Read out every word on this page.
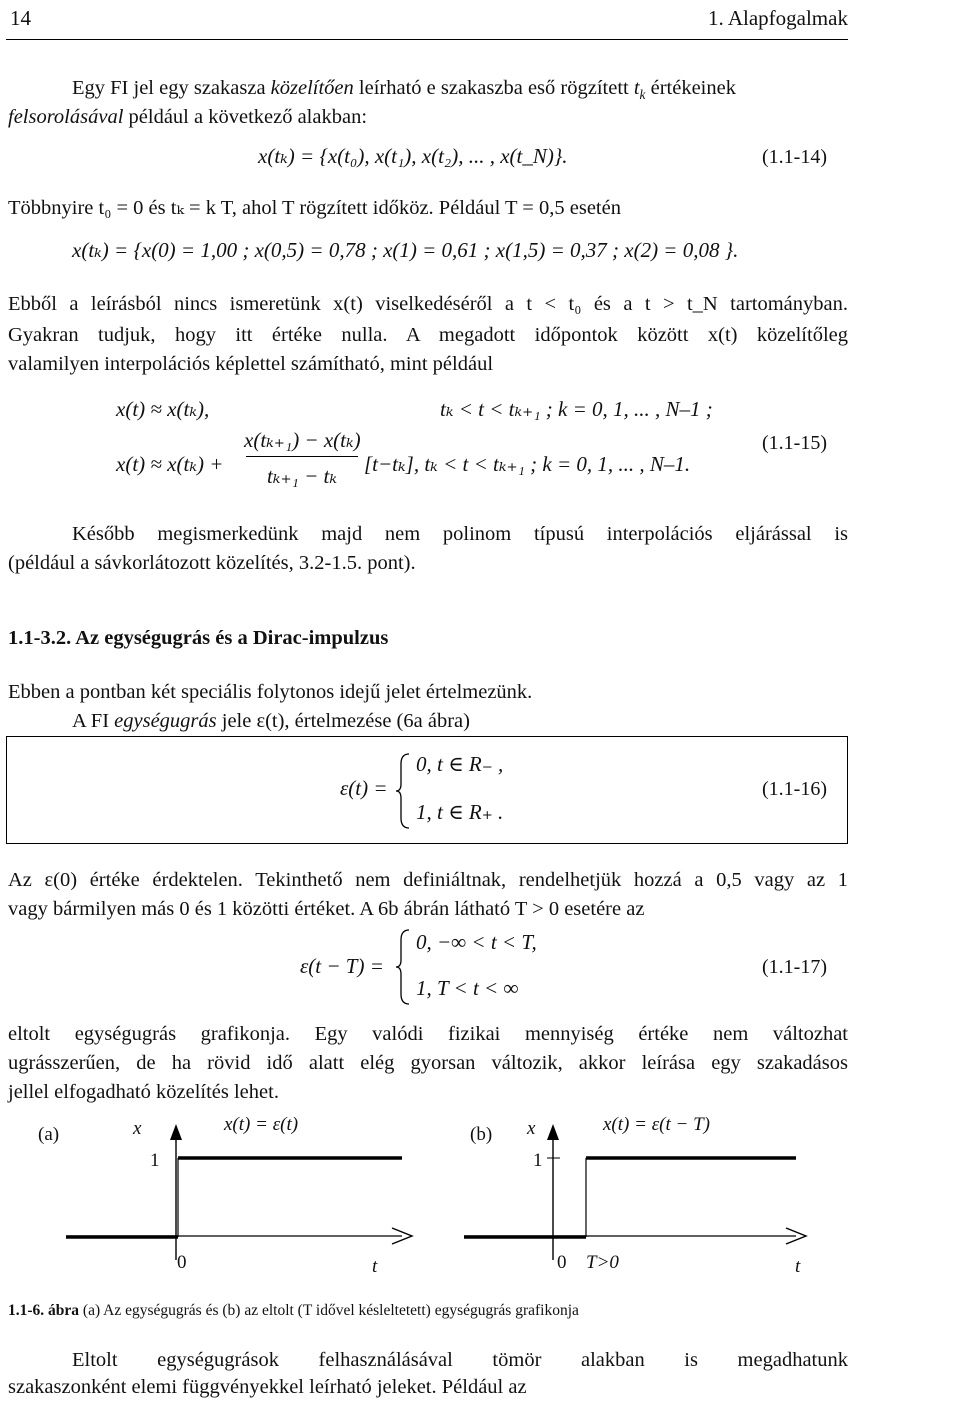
14	1. Alapfogalmak
Egy FI jel egy szakasza közelítően leírható e szakaszba eső rögzített $t_k$ értékeinek
felsorolásával például a következő alakban:
x(tₖ) = {x(t₀), x(t₁), x(t₂), ... , x(t_N)}.	(1.1-14)
Többnyire t₀ = 0 és tₖ = k T, ahol T rögzített időköz. Például T = 0,5 esetén
x(tₖ) = {x(0) = 1,00 ; x(0,5) = 0,78 ; x(1) = 0,61 ; x(1,5) = 0,37 ; x(2) = 0,08 }.
Ebből a leírásból nincs ismeretünk x(t) viselkedéséről a t < t₀ és a t > t_N tartományban.
Gyakran tudjuk, hogy itt értéke nulla. A megadott időpontok között x(t) közelítőleg
valamilyen interpolációs képlettel számítható, mint például
x(t) ≈ x(tₖ),	tₖ < t < tₖ₊₁ ; k = 0, 1, ... , N–1 ;
x(t) ≈ x(tₖ) +
x(tₖ₊₁) − x(tₖ)
tₖ₊₁ − tₖ	[t−tₖ], tₖ < t < tₖ₊₁ ; k = 0, 1, ... , N–1.
(1.1-15)
Később megismerkedünk majd nem polinom típusú interpolációs eljárással is
(például a sávkorlátozott közelítés, 3.2-1.5. pont).
1.1-3.2. Az egységugrás és a Dirac-impulzus
Ebben a pontban két speciális folytonos idejű jelet értelmezünk.
A FI egységugrás jele ε(t), értelmezése (6a ábra)
ε(t) =
0, t ∈ R₋ ,
1, t ∈ R₊ .
(1.1-16)
Az ε(0) értéke érdektelen. Tekinthető nem definiáltnak, rendelhetjük hozzá a 0,5 vagy az 1
vagy bármilyen más 0 és 1 közötti értéket. A 6b ábrán látható T > 0 esetére az
ε(t − T) =
0, −∞ < t < T,
1, T < t < ∞
(1.1-17)
eltolt egységugrás grafikonja. Egy valódi fizikai mennyiség értéke nem változhat
ugrásszerűen, de ha rövid idő alatt elég gyorsan változik, akkor leírása egy szakadásos
jellel elfogadható közelítés lehet.
(a)	x	x(t) = ε(t)
1
0	t
(b) x	x(t) = ε(t − T)
1
0 T>0	t
1.1-6. ábra (a) Az egységugrás és (b) az eltolt (T idővel késleltetett) egységugrás grafikonja
Eltolt egységugrások felhasználásával tömör alakban is megadhatunk
szakaszonként elemi függvényekkel leírható jeleket. Például az
